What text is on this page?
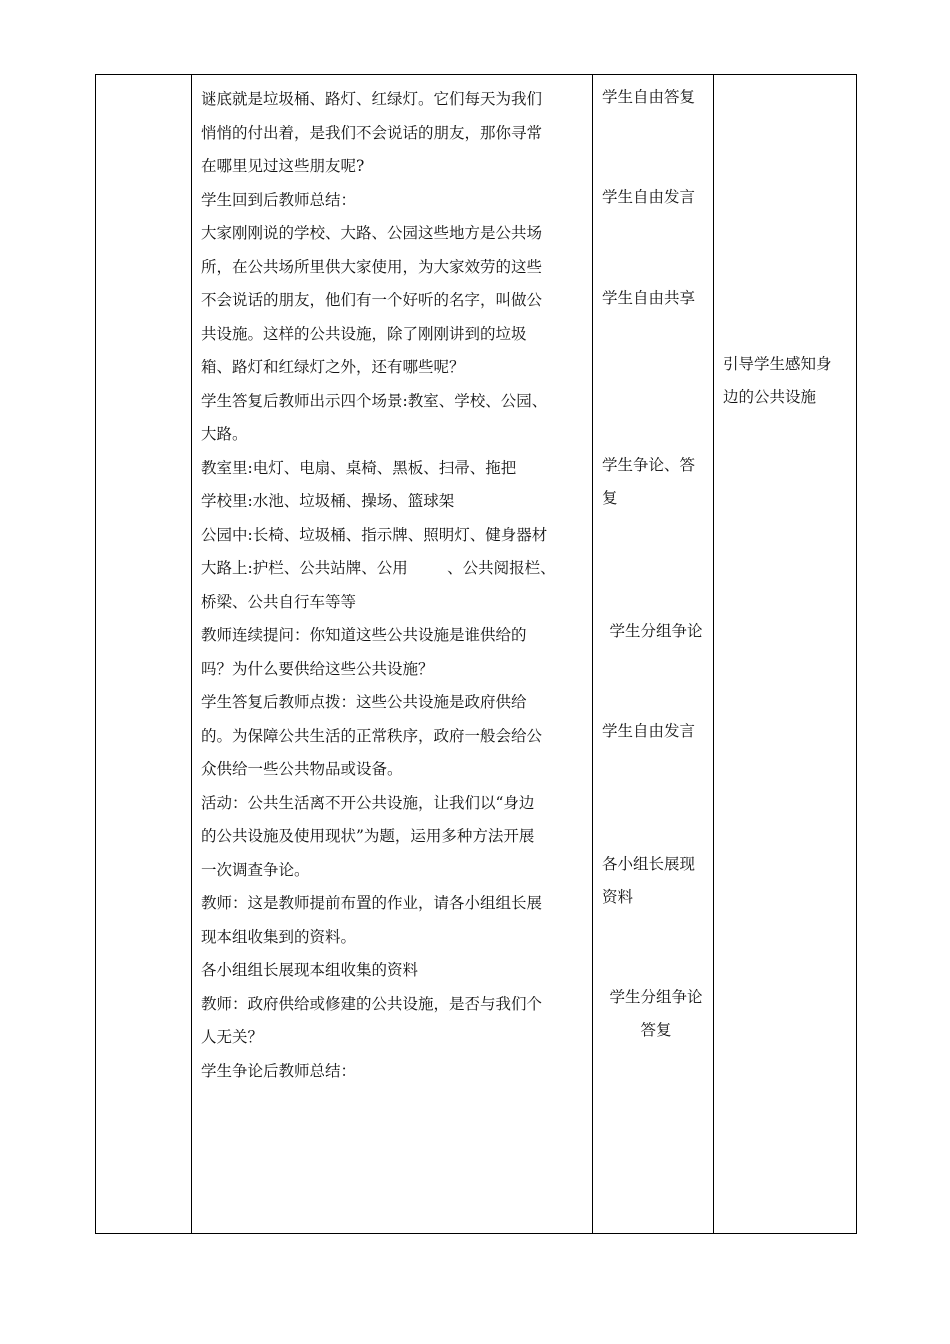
谜底就是垃圾桶、路灯、红绿灯。它们每天为我们

悄悄的付出着，是我们不会说话的朋友，那你寻常

在哪里见过这些朋友呢?

学生回到后教师总结：

大家刚刚说的学校、大路、公园这些地方是公共场

所，在公共场所里供大家使用，为大家效劳的这些

不会说话的朋友，他们有一个好听的名字，叫做公

共设施。这样的公共设施，除了刚刚讲到的垃圾

箱、路灯和红绿灯之外，还有哪些呢？

学生答复后教师出示四个场景:教室、学校、公园、

大路。

教室里:电灯、电扇、桌椅、黑板、扫帚、拖把

学校里:水池、垃圾桶、操场、篮球架

公园中:长椅、垃圾桶、指示牌、照明灯、健身器材

大路上:护栏、公共站牌、公用        、公共阅报栏、

桥梁、公共自行车等等

教师连续提问：你知道这些公共设施是谁供给的

吗？为什么要供给这些公共设施？

学生答复后教师点拨：这些公共设施是政府供给

的。为保障公共生活的正常秩序，政府一般会给公

众供给一些公共物品或设备。

活动：公共生活离不开公共设施，让我们以“身边

的公共设施及使用现状”为题，运用多种方法开展

一次调查争论。

教师：这是教师提前布置的作业，请各小组组长展

现本组收集到的资料。

各小组组长展现本组收集的资料

教师：政府供给或修建的公共设施，是否与我们个

人无关？

学生争论后教师总结：

学生自由答复

学生自由发言

学生自由共享

学生争论、答

复

学生分组争论

学生自由发言

各小组长展现

资料

学生分组争论

答复

引导学生感知身

边的公共设施
